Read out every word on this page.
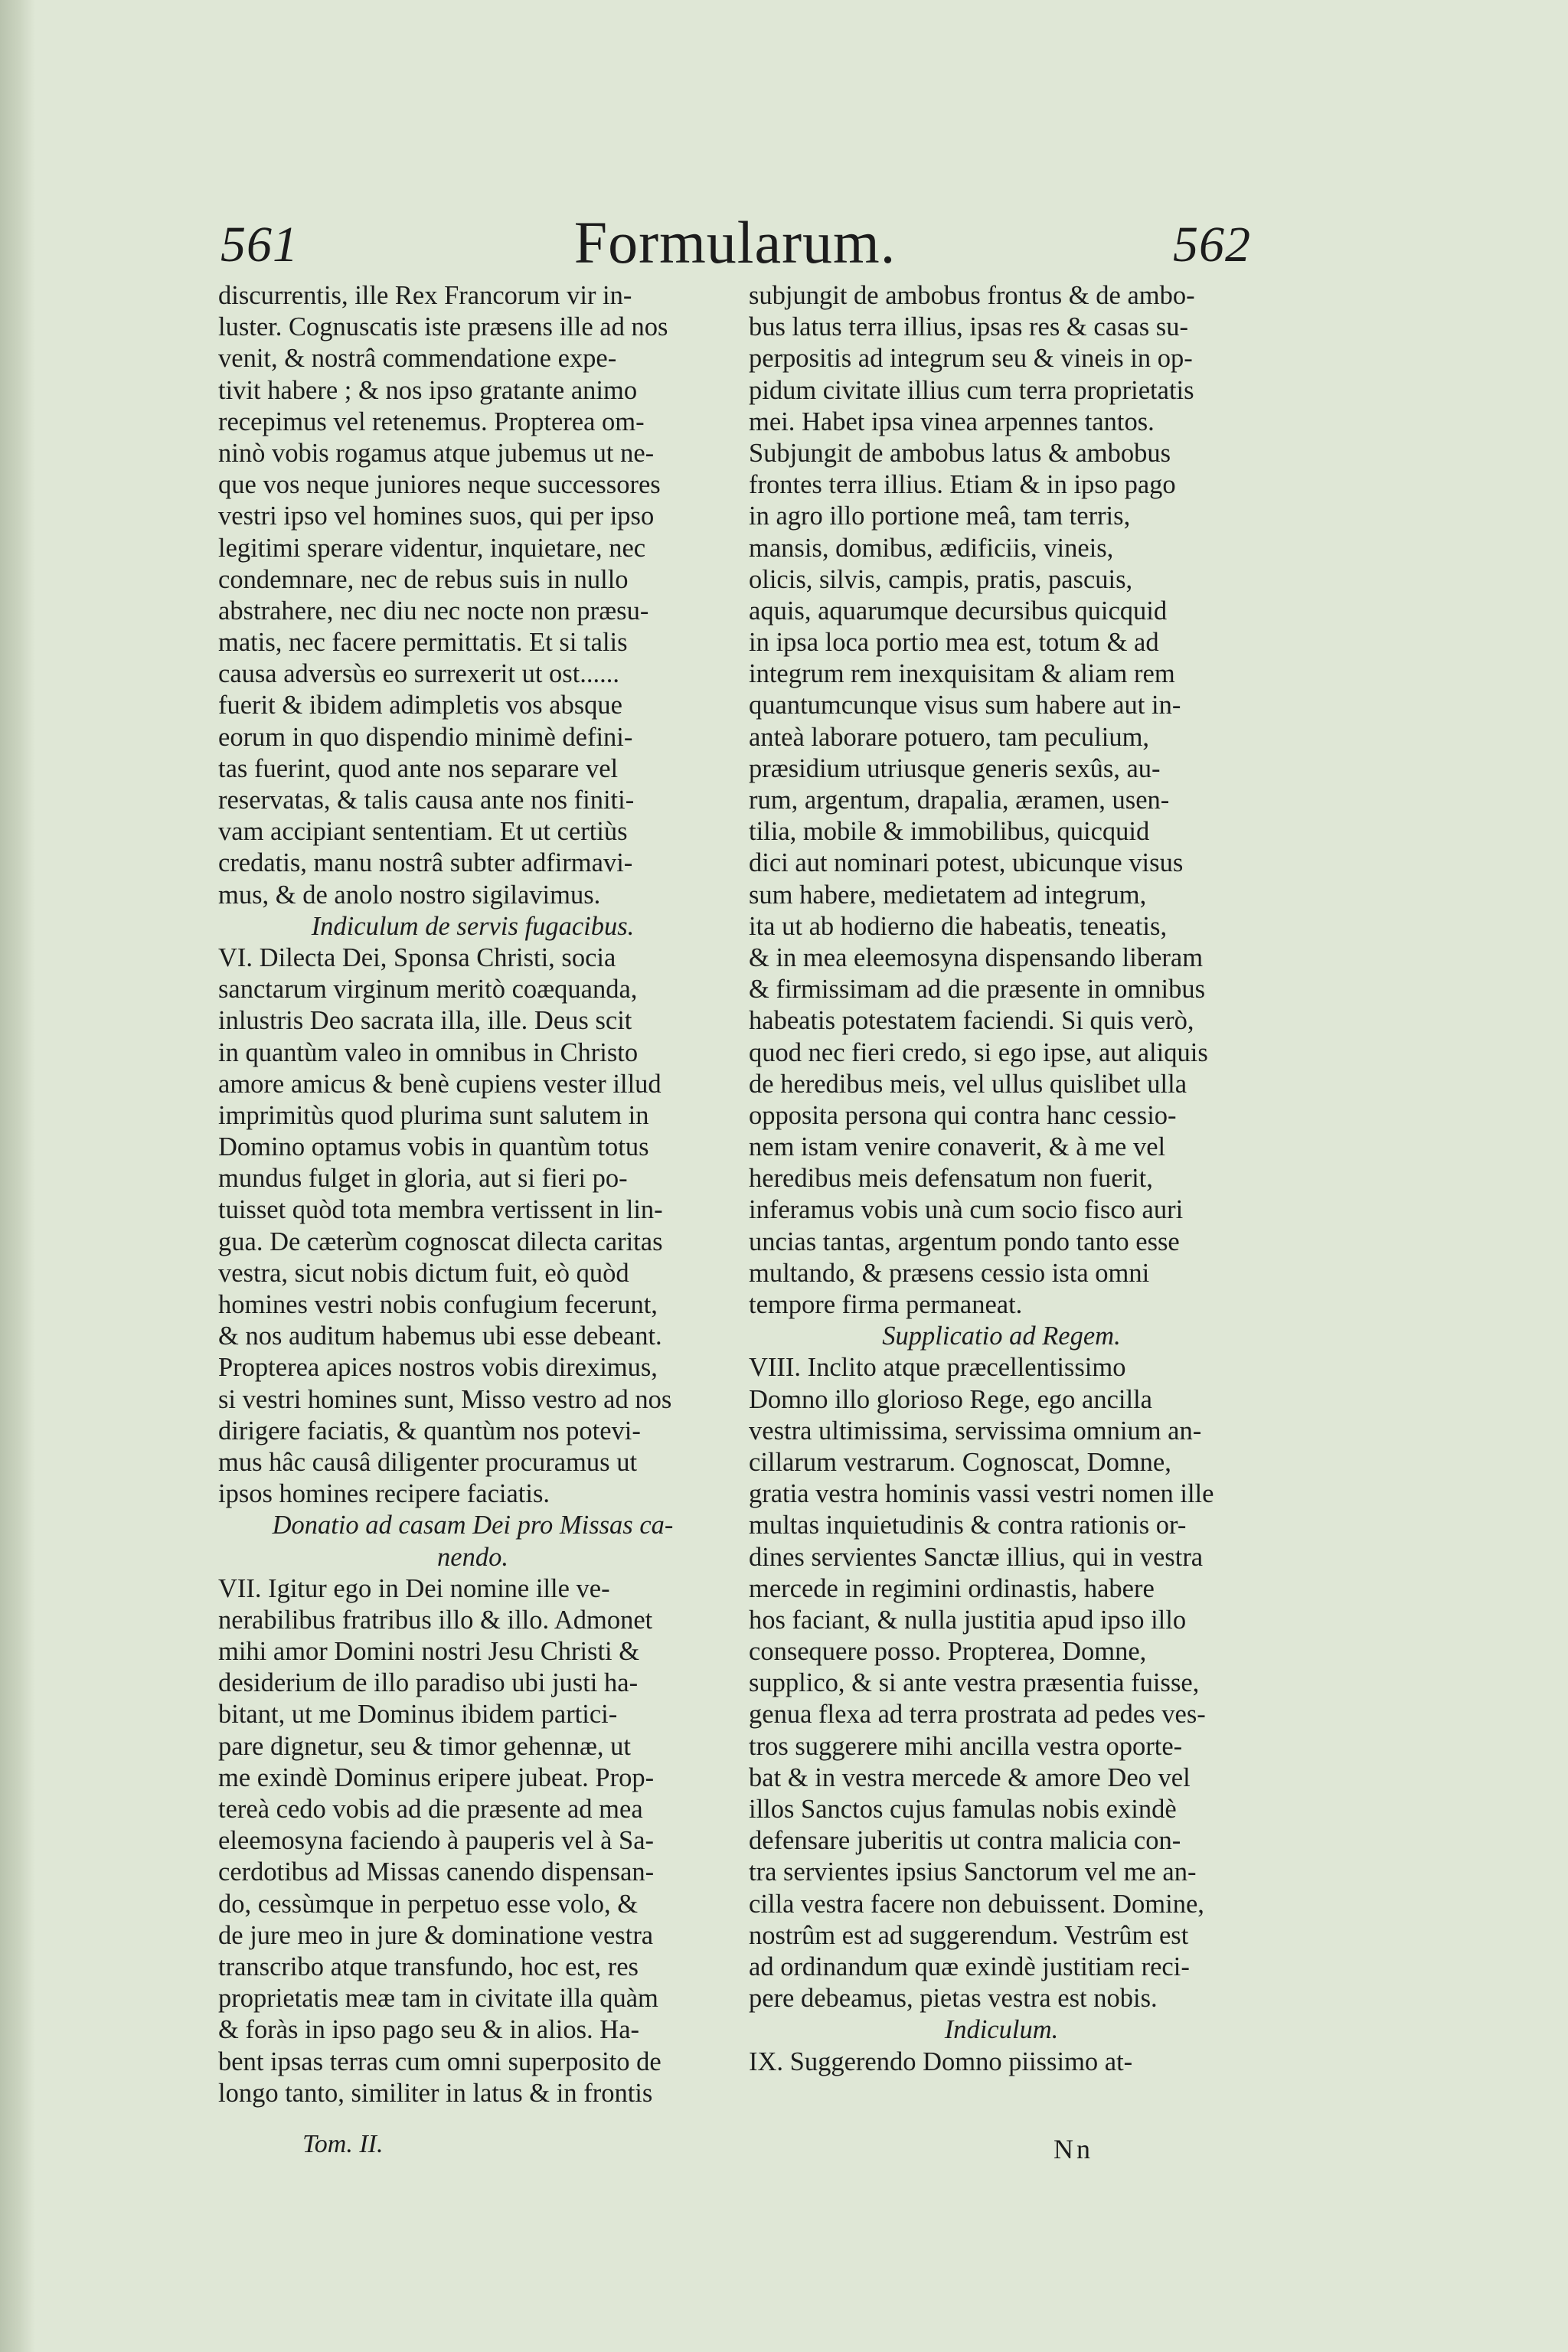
561	Formularum.	562
discurrentis, ille Rex Francorum vir in-
luster. Cognuscatis iste præsens ille ad nos
venit, & nostrâ commendatione expe-
tivit habere ; & nos ipso gratante animo
recepimus vel retenemus. Propterea om-
ninò vobis rogamus atque jubemus ut ne-
que vos neque juniores neque successores
vestri ipso vel homines suos, qui per ipso
legitimi sperare videntur, inquietare, nec
condemnare, nec de rebus suis in nullo
abstrahere, nec diu nec nocte non præsu-
matis, nec facere permittatis. Et si talis
causa adversùs eo surrexerit ut ost......
fuerit & ibidem adimpletis vos absque
eorum in quo dispendio minimè defini-
tas fuerint, quod ante nos separare vel
reservatas, & talis causa ante nos finiti-
vam accipiant sententiam. Et ut certiùs
credatis, manu nostrâ subter adfirmavi-
mus, & de anolo nostro sigilavimus.
Indiculum de servis fugacibus.
VI. Dilecta Dei, Sponsa Christi, socia
sanctarum virginum meritò coæquanda,
inlustris Deo sacrata illa, ille. Deus scit
in quantùm valeo in omnibus in Christo
amore amicus & benè cupiens vester illud
imprimitùs quod plurima sunt salutem in
Domino optamus vobis in quantùm totus
mundus fulget in gloria, aut si fieri po-
tuisset quòd tota membra vertissent in lin-
gua. De cæterùm cognoscat dilecta caritas
vestra, sicut nobis dictum fuit, eò quòd
homines vestri nobis confugium fecerunt,
& nos auditum habemus ubi esse debeant.
Propterea apices nostros vobis direximus,
si vestri homines sunt, Misso vestro ad nos
dirigere faciatis, & quantùm nos potevi-
mus hâc causâ diligenter procuramus ut
ipsos homines recipere faciatis.
Donatio ad casam Dei pro Missas ca-
nendo.
VII. Igitur ego in Dei nomine ille ve-
nerabilibus fratribus illo & illo. Admonet
mihi amor Domini nostri Jesu Christi &
desiderium de illo paradiso ubi justi ha-
bitant, ut me Dominus ibidem partici-
pare dignetur, seu & timor gehennæ, ut
me exindè Dominus eripere jubeat. Prop-
tereà cedo vobis ad die præsente ad mea
eleemosyna faciendo à pauperis vel à Sa-
cerdotibus ad Missas canendo dispensan-
do, cessùmque in perpetuo esse volo, &
de jure meo in jure & dominatione vestra
transcribo atque transfundo, hoc est, res
proprietatis meæ tam in civitate illa quàm
& foràs in ipso pago seu & in alios. Ha-
bent ipsas terras cum omni superposito de
longo tanto, similiter in latus & in frontis
subjungit de ambobus frontus & de ambo-
bus latus terra illius, ipsas res & casas su-
perpositis ad integrum seu & vineis in op-
pidum civitate illius cum terra proprietatis
mei. Habet ipsa vinea arpennes tantos.
Subjungit de ambobus latus & ambobus
frontes terra illius. Etiam & in ipso pago
in agro illo portione meâ, tam terris,
mansis, domibus, ædificiis, vineis,
olicis, silvis, campis, pratis, pascuis,
aquis, aquarumque decursibus quicquid
in ipsa loca portio mea est, totum & ad
integrum rem inexquisitam & aliam rem
quantumcunque visus sum habere aut in-
anteà laborare potuero, tam peculium,
præsidium utriusque generis sexûs, au-
rum, argentum, drapalia, æramen, usen-
tilia, mobile & immobilibus, quicquid
dici aut nominari potest, ubicunque visus
sum habere, medietatem ad integrum,
ita ut ab hodierno die habeatis, teneatis,
& in mea eleemosyna dispensando liberam
& firmissimam ad die præsente in omnibus
habeatis potestatem faciendi. Si quis verò,
quod nec fieri credo, si ego ipse, aut aliquis
de heredibus meis, vel ullus quislibet ulla
opposita persona qui contra hanc cessio-
nem istam venire conaverit, & à me vel
heredibus meis defensatum non fuerit,
inferamus vobis unà cum socio fisco auri
uncias tantas, argentum pondo tanto esse
multando, & præsens cessio ista omni
tempore firma permaneat.
Supplicatio ad Regem.
VIII. Inclito atque præcellentissimo
Domno illo glorioso Rege, ego ancilla
vestra ultimissima, servissima omnium an-
cillarum vestrarum. Cognoscat, Domne,
gratia vestra hominis vassi vestri nomen ille
multas inquietudinis & contra rationis or-
dines servientes Sanctæ illius, qui in vestra
mercede in regimini ordinastis, habere
hos faciant, & nulla justitia apud ipso illo
consequere posso. Propterea, Domne,
supplico, & si ante vestra præsentia fuisse,
genua flexa ad terra prostrata ad pedes ves-
tros suggerere mihi ancilla vestra oporte-
bat & in vestra mercede & amore Deo vel
illos Sanctos cujus famulas nobis exindè
defensare juberitis ut contra malicia con-
tra servientes ipsius Sanctorum vel me an-
cilla vestra facere non debuissent. Domine,
nostrûm est ad suggerendum. Vestrûm est
ad ordinandum quæ exindè justitiam reci-
pere debeamus, pietas vestra est nobis.
Indiculum.
IX. Suggerendo Domno piissimo at-
Tom. II.	Nn
